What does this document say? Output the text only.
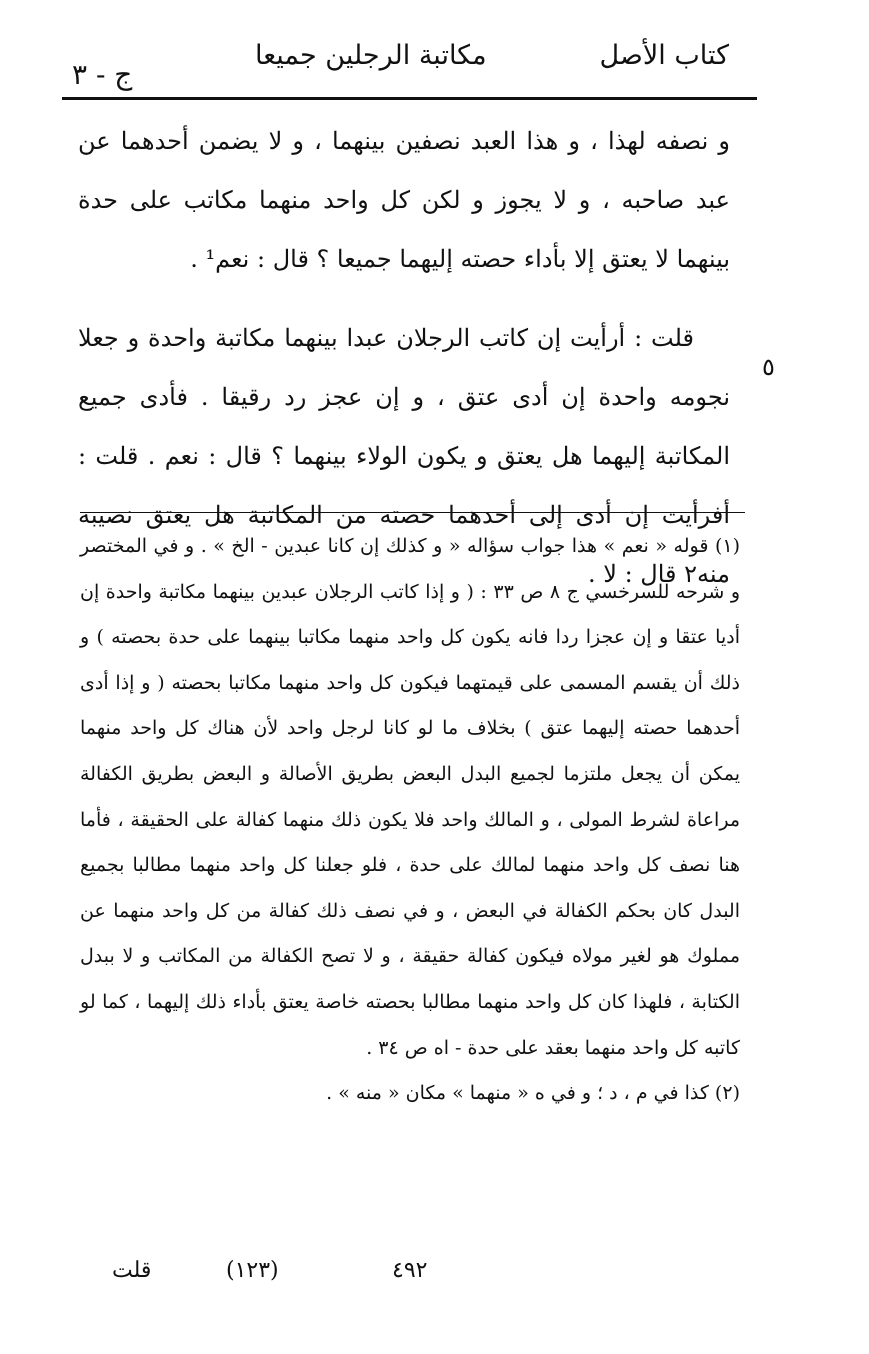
كتاب الأصل
مكاتبة الرجلين جميعا
ج - ٣

و نصفه لهذا ، و هذا العبد نصفين بينهما ، و لا يضمن أحدهما عن عبد صاحبه ، و لا يجوز و لكن كل واحد منهما مكاتب على حدة بينهما لا يعتق إلا بأداء حصته إليهما جميعا ؟ قال : نعم¹ .

قلت : أرأيت إن كاتب الرجلان عبدا بينهما مكاتبة واحدة و جعلا نجومه واحدة إن أدى عتق ، و إن عجز رد رقيقا . فأدى جميع المكاتبة إليهما هل يعتق و يكون الولاء بينهما ؟ قال : نعم . قلت : أفرأيت إن أدى إلى أحدهما حصته من المكاتبة هل يعتق نصيبه منه٢ قال : لا .

٥

(١) قوله « نعم » هذا جواب سؤاله « و كذلك إن كانا عبدين - الخ » . و في المختصر و شرحه للسرخسي ج ٨ ص ٣٣ : ( و إذا كاتب الرجلان عبدين بينهما مكاتبة واحدة إن أديا عتقا و إن عجزا ردا فانه يكون كل واحد منهما مكاتبا بينهما على حدة بحصته ) و ذلك أن يقسم المسمى على قيمتهما فيكون كل واحد منهما مكاتبا بحصته ( و إذا أدى أحدهما حصته إليهما عتق ) بخلاف ما لو كانا لرجل واحد لأن هناك كل واحد منهما يمكن أن يجعل ملتزما لجميع البدل البعض بطريق الأصالة و البعض بطريق الكفالة مراعاة لشرط المولى ، و المالك واحد فلا يكون ذلك منهما كفالة على الحقيقة ، فأما هنا نصف كل واحد منهما لمالك على حدة ، فلو جعلنا كل واحد منهما مطالبا بجميع البدل كان بحكم الكفالة في البعض ، و في نصف ذلك كفالة من كل واحد منهما عن مملوك هو لغير مولاه فيكون كفالة حقيقة ، و لا تصح الكفالة من المكاتب و لا ببدل الكتابة ، فلهذا كان كل واحد منهما مطالبا بحصته خاصة يعتق بأداء ذلك إليهما ، كما لو كاتبه كل واحد منهما بعقد على حدة - اه ص ٣٤ .

(٢) كذا في م ، د ؛ و في ه « منهما » مكان « منه » .

قلت	(١٢٣)	٤٩٢
